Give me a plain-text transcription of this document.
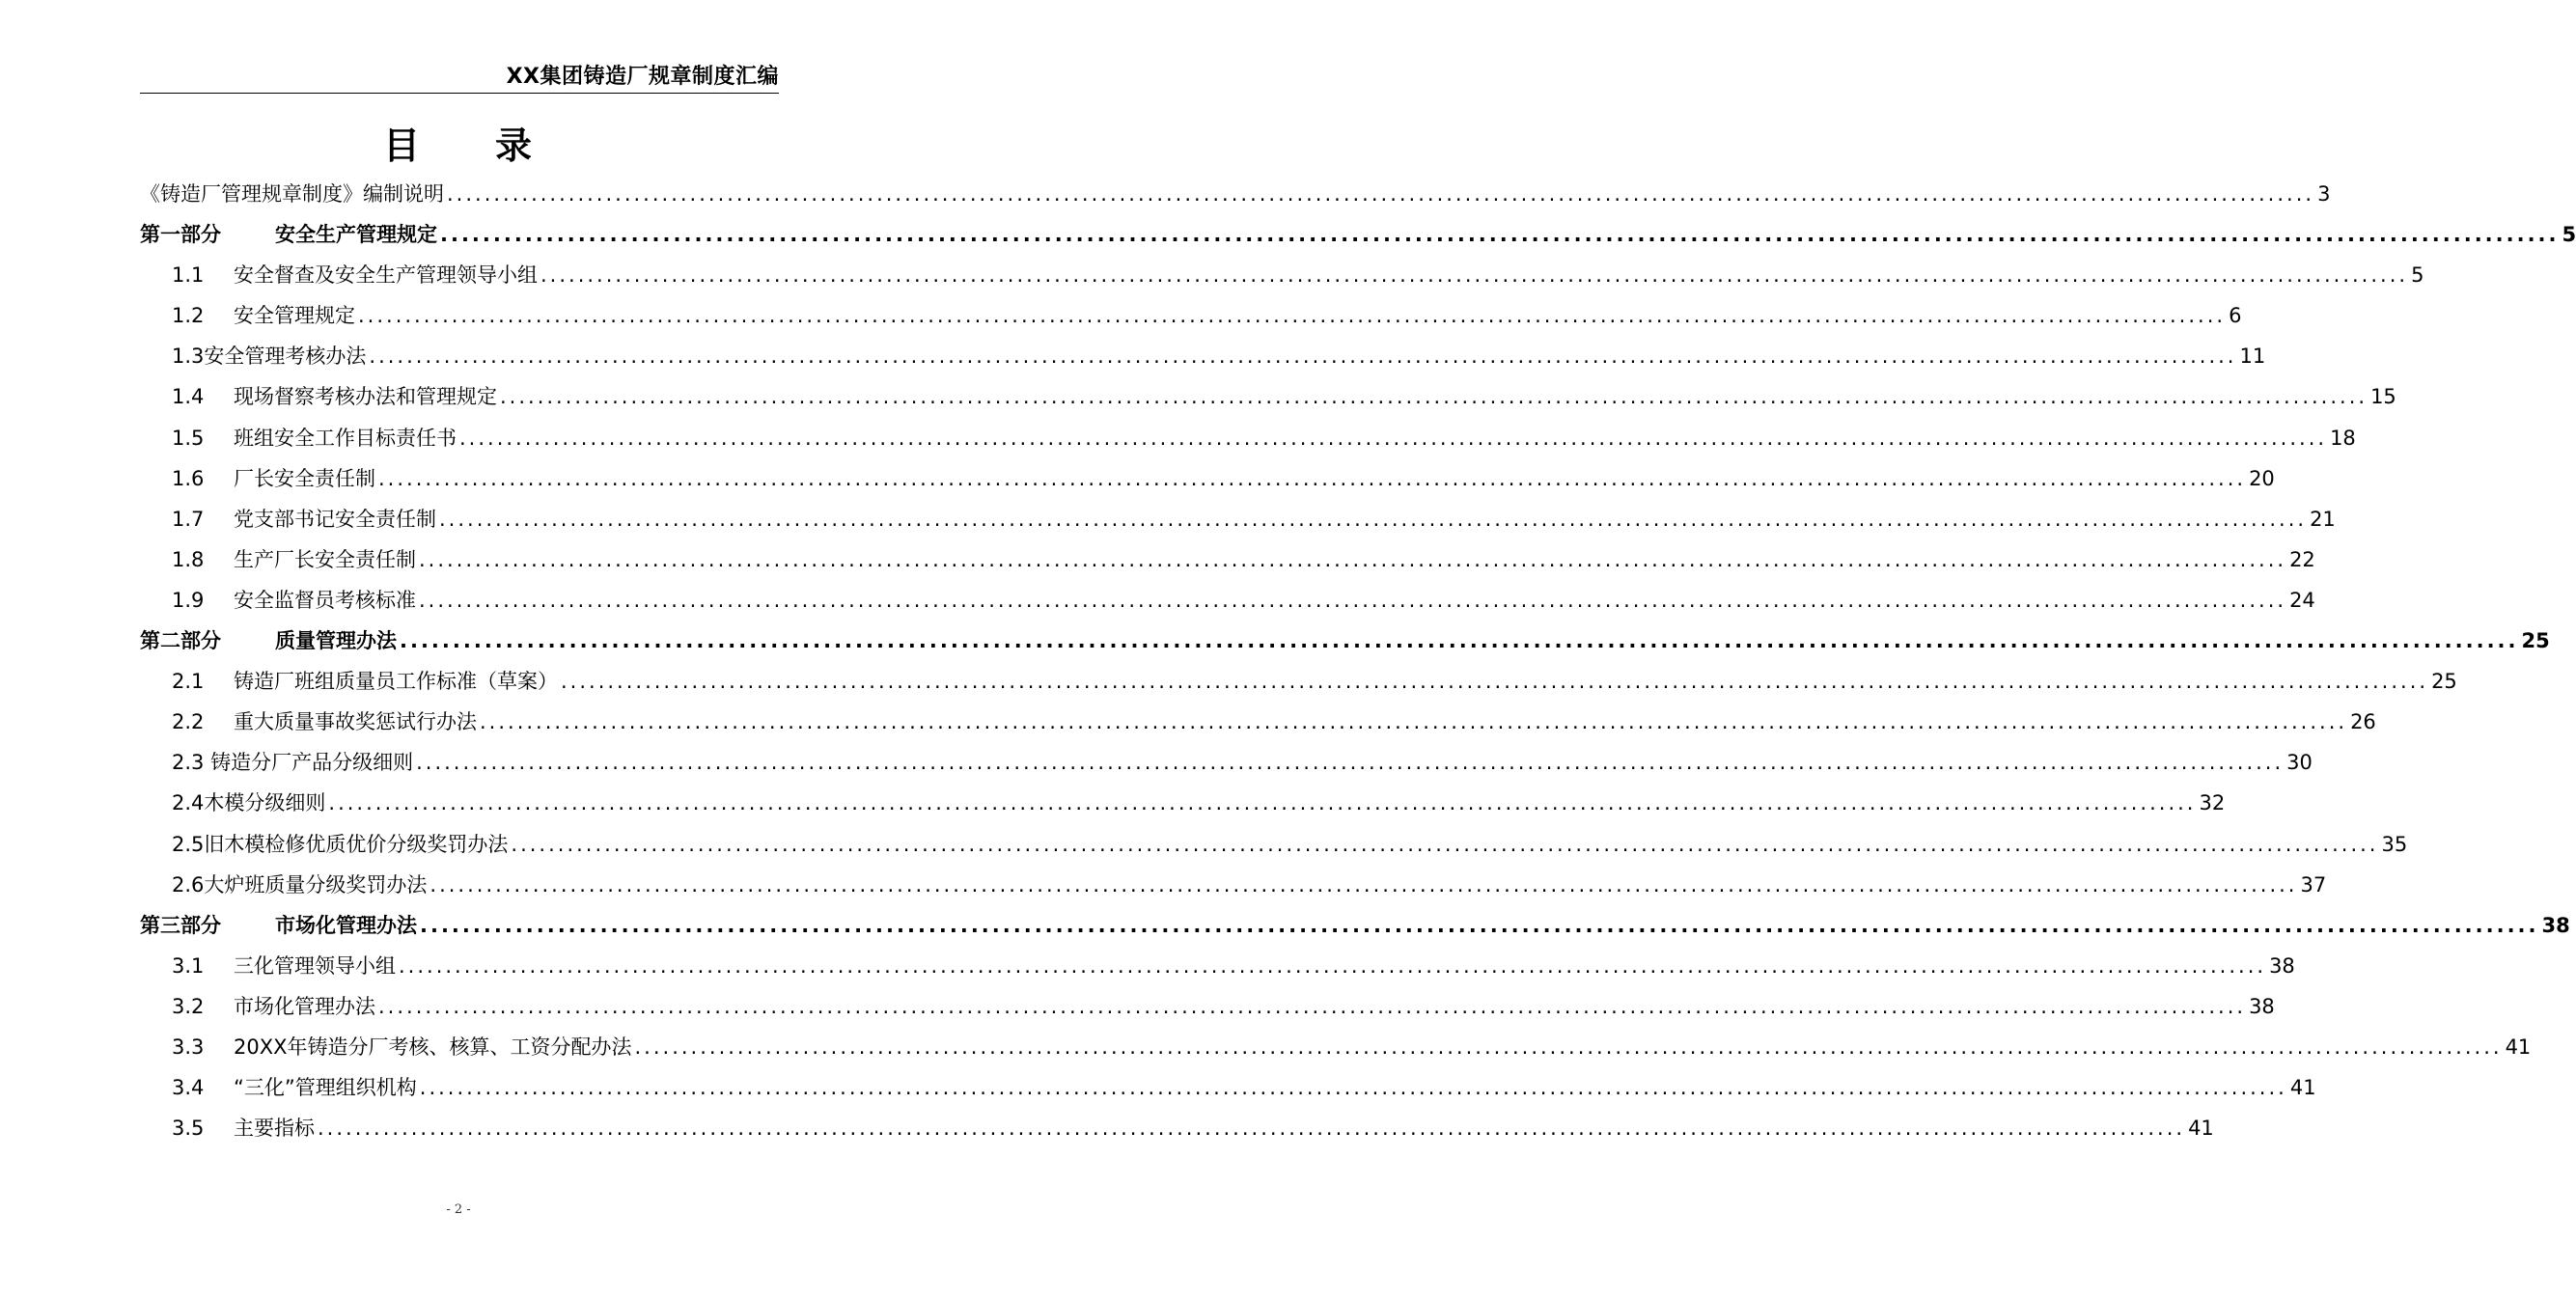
XX集团铸造厂规章制度汇编
目 录
《铸造厂管理规章制度》编制说明 ........................................................................................................................................................................................................ 3
第一部分	安全生产管理规定 ........................................................................................................................................................................................................ 5
1.1 安全督查及安全生产管理领导小组 ........................................................................................................................................................................................................ 5
1.2 安全管理规定 ........................................................................................................................................................................................................ 6
1.3安全管理考核办法 ........................................................................................................................................................................................................ 11
1.4 现场督察考核办法和管理规定 ........................................................................................................................................................................................................ 15
1.5 班组安全工作目标责任书 ........................................................................................................................................................................................................ 18
1.6 厂长安全责任制 ........................................................................................................................................................................................................ 20
1.7 党支部书记安全责任制 ........................................................................................................................................................................................................ 21
1.8 生产厂长安全责任制 ........................................................................................................................................................................................................ 22
1.9 安全监督员考核标准 ........................................................................................................................................................................................................ 24
第二部分	质量管理办法 ........................................................................................................................................................................................................ 25
2.1 铸造厂班组质量员工作标准（草案） ........................................................................................................................................................................................................ 25
2.2 重大质量事故奖惩试行办法 ........................................................................................................................................................................................................ 26
2.3 铸造分厂产品分级细则 ........................................................................................................................................................................................................ 30
2.4木模分级细则 ........................................................................................................................................................................................................ 32
2.5旧木模检修优质优价分级奖罚办法 ........................................................................................................................................................................................................ 35
2.6大炉班质量分级奖罚办法 ........................................................................................................................................................................................................ 37
第三部分	市场化管理办法 ........................................................................................................................................................................................................ 38
3.1 三化管理领导小组 ........................................................................................................................................................................................................ 38
3.2 市场化管理办法 ........................................................................................................................................................................................................ 38
3.3 20XX年铸造分厂考核、核算、工资分配办法 ........................................................................................................................................................................................................ 41
3.4 “三化”管理组织机构 ........................................................................................................................................................................................................ 41
3.5 主要指标 ........................................................................................................................................................................................................ 41
- 2 -
